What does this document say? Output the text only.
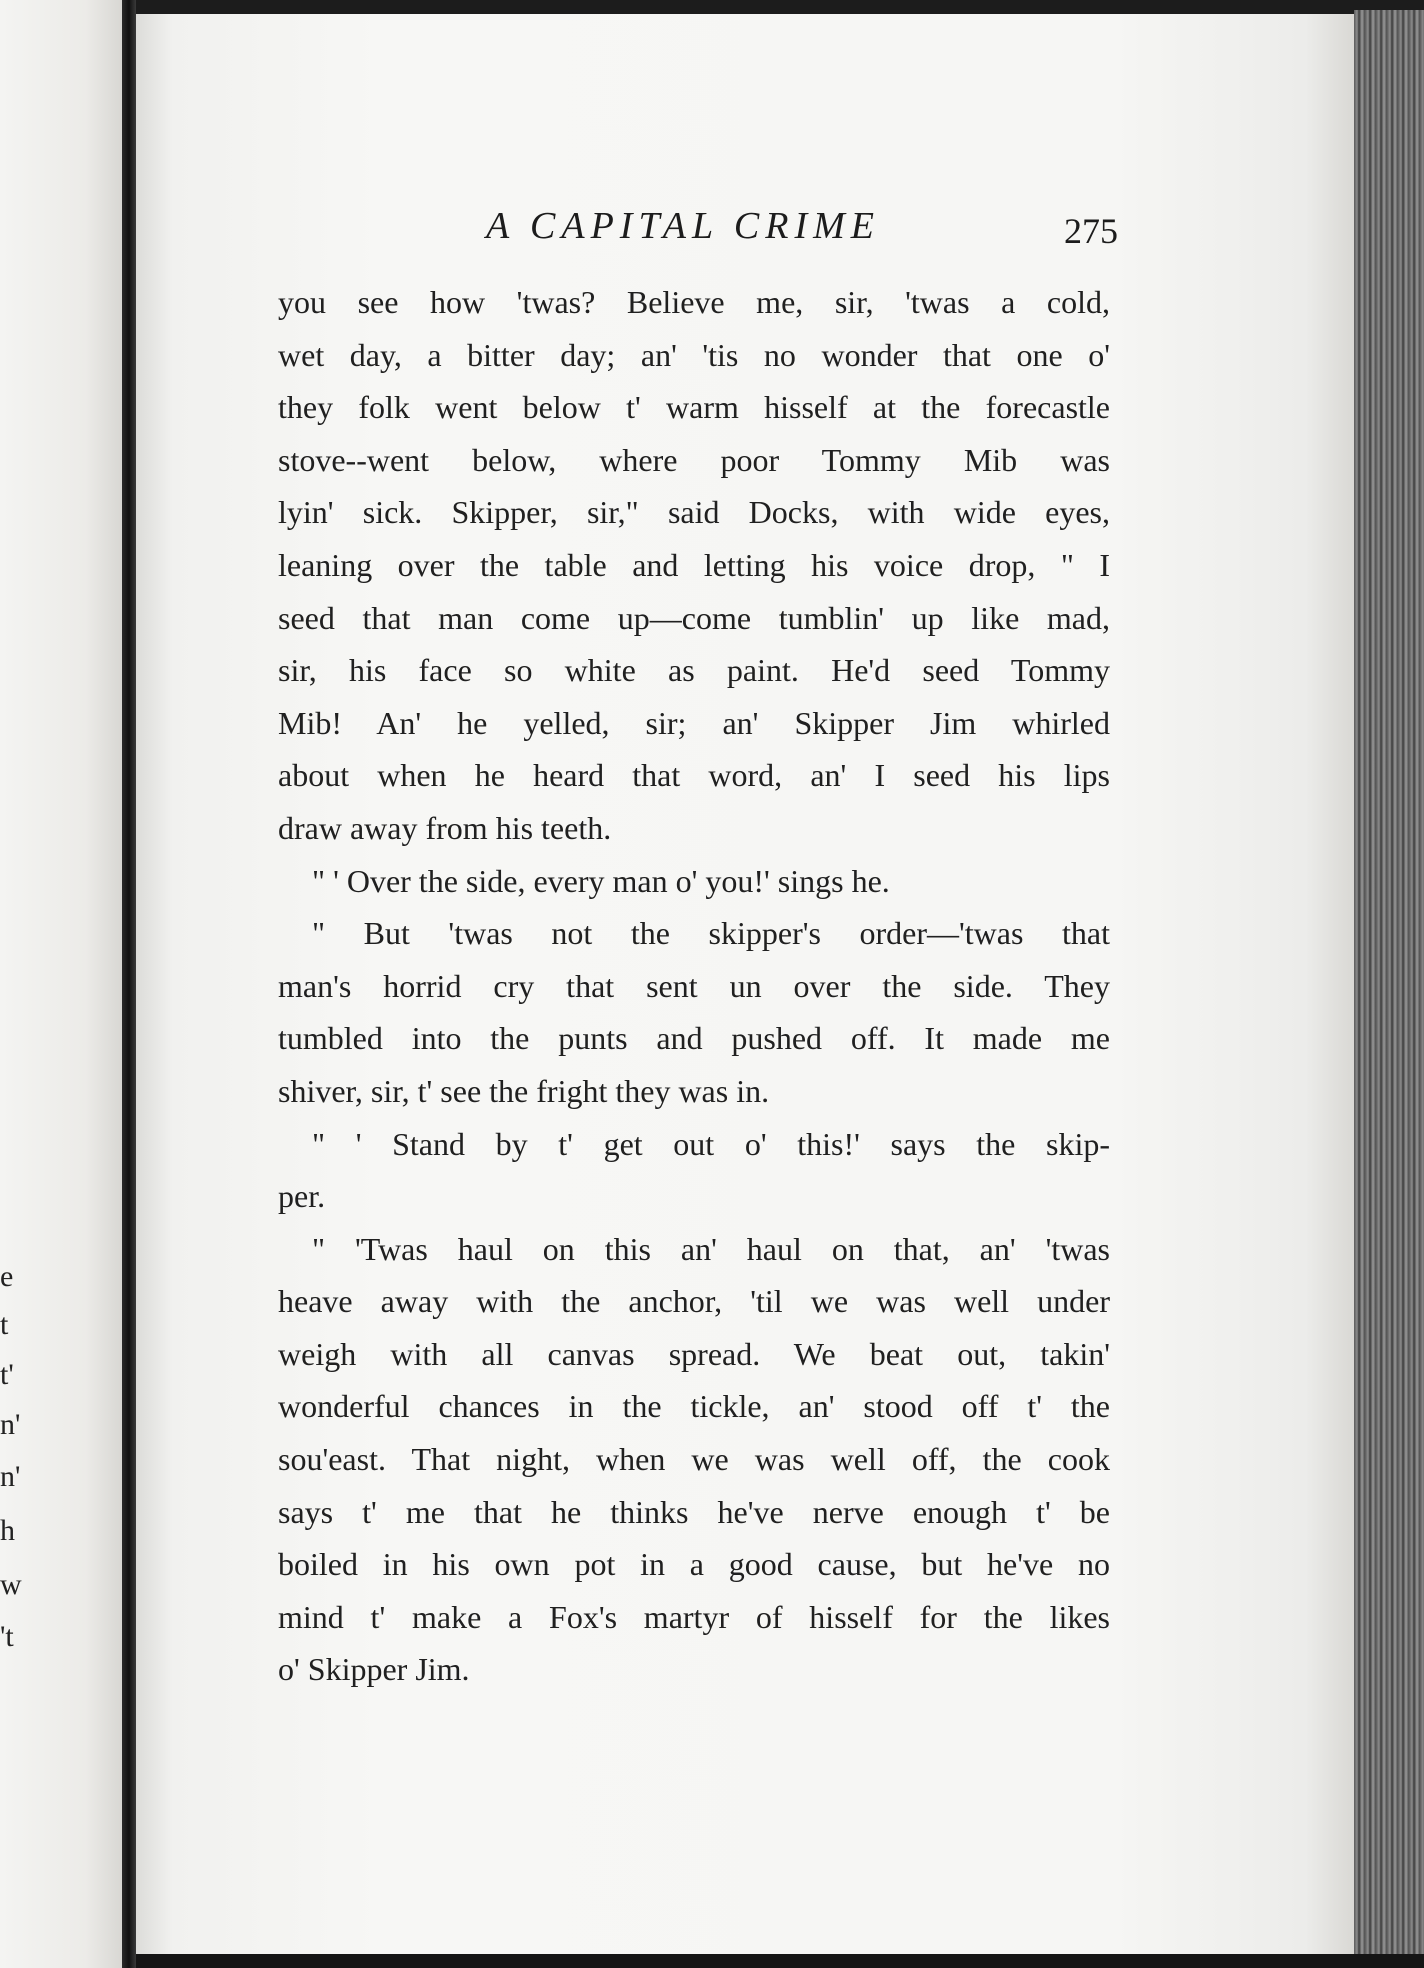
e
t
t'
n'
n'
h
w
't
A CAPITAL CRIME	275
you see how 'twas? Believe me, sir, 'twas a cold,
wet day, a bitter day; an' 'tis no wonder that one o'
they folk went below t' warm hisself at the forecastle
stove--went below, where poor Tommy Mib was
lyin' sick. Skipper, sir," said Docks, with wide eyes,
leaning over the table and letting his voice drop, " I
seed that man come up—come tumblin' up like mad,
sir, his face so white as paint. He'd seed Tommy
Mib! An' he yelled, sir; an' Skipper Jim whirled
about when he heard that word, an' I seed his lips
draw away from his teeth.
" ' Over the side, every man o' you!' sings he.
" But 'twas not the skipper's order—'twas that
man's horrid cry that sent un over the side. They
tumbled into the punts and pushed off. It made me
shiver, sir, t' see the fright they was in.
" ' Stand by t' get out o' this!' says the skip-
per.
" 'Twas haul on this an' haul on that, an' 'twas
heave away with the anchor, 'til we was well under
weigh with all canvas spread. We beat out, takin'
wonderful chances in the tickle, an' stood off t' the
sou'east. That night, when we was well off, the cook
says t' me that he thinks he've nerve enough t' be
boiled in his own pot in a good cause, but he've no
mind t' make a Fox's martyr of hisself for the likes
o' Skipper Jim.
